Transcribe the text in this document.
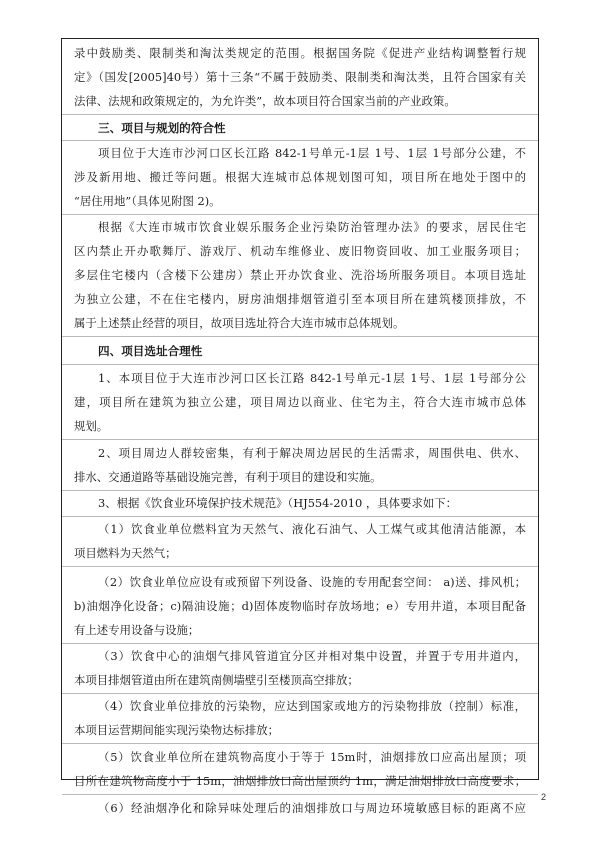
录中鼓励类、限制类和淘汰类规定的范围。根据国务院《促进产业结构调整暂行规
定》（国发[2005]40号）第十三条“不属于鼓励类、限制类和淘汰类，且符合国家有关
法律、法规和政策规定的，为允许类”，故本项目符合国家当前的产业政策。
三、项目与规划的符合性
项目位于大连市沙河口区长江路 842-1号单元-1层 1号、1层 1号部分公建，不
涉及新用地、搬迁等问题。根据大连城市总体规划图可知，项目所在地处于图中的
“居住用地”（具体见附图 2)。
根据《大连市城市饮食业娱乐服务企业污染防治管理办法》的要求，居民住宅
区内禁止开办歌舞厅、游戏厅、机动车维修业、废旧物资回收、加工业服务项目；
多层住宅楼内（含楼下公建房）禁止开办饮食业、洗浴场所服务项目。本项目选址
为独立公建，不在住宅楼内，厨房油烟排烟管道引至本项目所在建筑楼顶排放，不
属于上述禁止经营的项目，故项目选址符合大连市城市总体规划。
四、项目选址合理性
1、本项目位于大连市沙河口区长江路 842-1号单元-1层 1号、1层 1号部分公
建，项目所在建筑为独立公建，项目周边以商业、住宅为主，符合大连市城市总体
规划。
2、项目周边人群较密集，有利于解决周边居民的生活需求，周围供电、供水、
排水、交通道路等基础设施完善，有利于项目的建设和实施。
3、根据《饮食业环境保护技术规范》（HJ554-2010 ，具体要求如下：
（1）饮食业单位燃料宜为天然气、液化石油气、人工煤气或其他清洁能源，本
项目燃料为天然气；
（2）饮食业单位应设有或预留下列设备、设施的专用配套空间： a)送、排风机；
b)油烟净化设备；c)隔油设施；d)固体废物临时存放场地；e）专用井道，本项目配备
有上述专用设备与设施；
（3）饮食中心的油烟气排风管道宜分区并相对集中设置，并置于专用井道内，
本项目排烟管道由所在建筑南侧墙壁引至楼顶高空排放；
（4）饮食业单位排放的污染物，应达到国家或地方的污染物排放（控制）标准，
本项目运营期间能实现污染物达标排放；
（5）饮食业单位所在建筑物高度小于等于 15m时，油烟排放口应高出屋顶；项
目所在建筑物高度小于 15m，油烟排放口高出屋顶约 1m，满足油烟排放口高度要求；
（6）经油烟净化和除异味处理后的油烟排放口与周边环境敏感目标的距离不应
2
